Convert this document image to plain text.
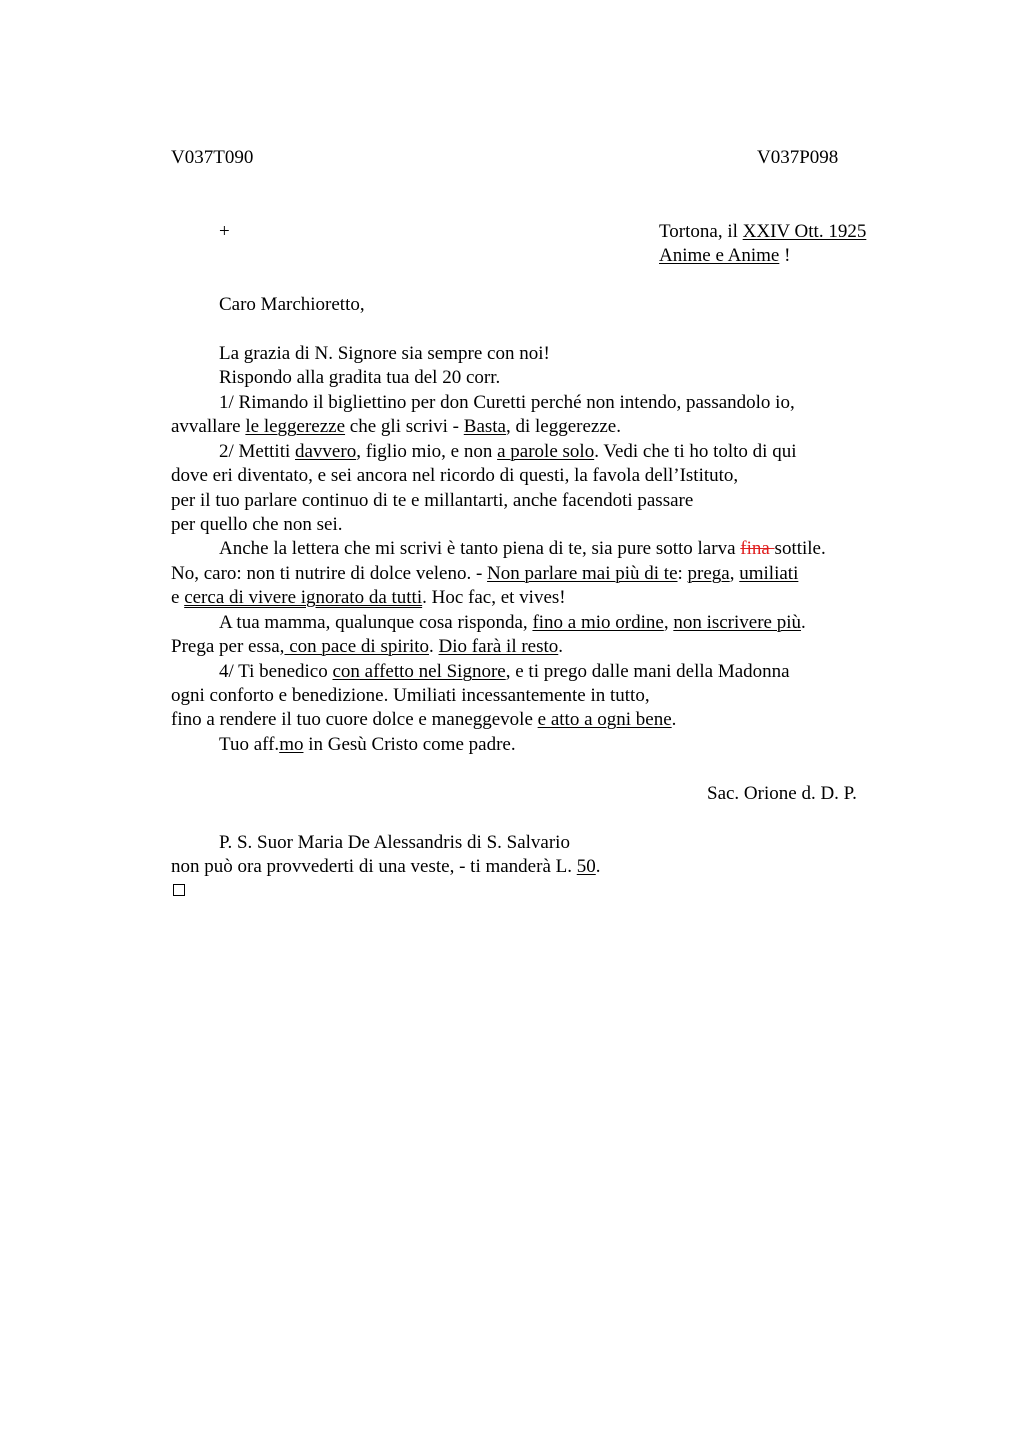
V037T090	V037P098
+	Tortona, il XXIV Ott. 1925
Anime e Anime !
Caro Marchioretto,
La grazia di N. Signore sia sempre con noi!
Rispondo alla gradita tua del 20 corr.
1/ Rimando il bigliettino per don Curetti perché non intendo, passandolo io,
avvallare le leggerezze che gli scrivi - Basta, di leggerezze.
2/ Mettiti davvero, figlio mio, e non a parole solo. Vedi che ti ho tolto di qui
dove eri diventato, e sei ancora nel ricordo di questi, la favola dell’Istituto,
per il tuo parlare continuo di te e millantarti, anche facendoti passare
per quello che non sei.
Anche la lettera che mi scrivi è tanto piena di te, sia pure sotto larva fina sottile.
No, caro: non ti nutrire di dolce veleno. - Non parlare mai più di te: prega, umiliati
e cerca di vivere ignorato da tutti. Hoc fac, et vives!
A tua mamma, qualunque cosa risponda, fino a mio ordine, non iscrivere più.
Prega per essa, con pace di spirito. Dio farà il resto.
4/ Ti benedico con affetto nel Signore, e ti prego dalle mani della Madonna
ogni conforto e benedizione. Umiliati incessantemente in tutto,
fino a rendere il tuo cuore dolce e maneggevole e atto a ogni bene.
Tuo aff.mo in Gesù Cristo come padre.
Sac. Orione d. D. P.
P. S. Suor Maria De Alessandris di S. Salvario
non può ora provvederti di una veste, - ti manderà L. 50.
